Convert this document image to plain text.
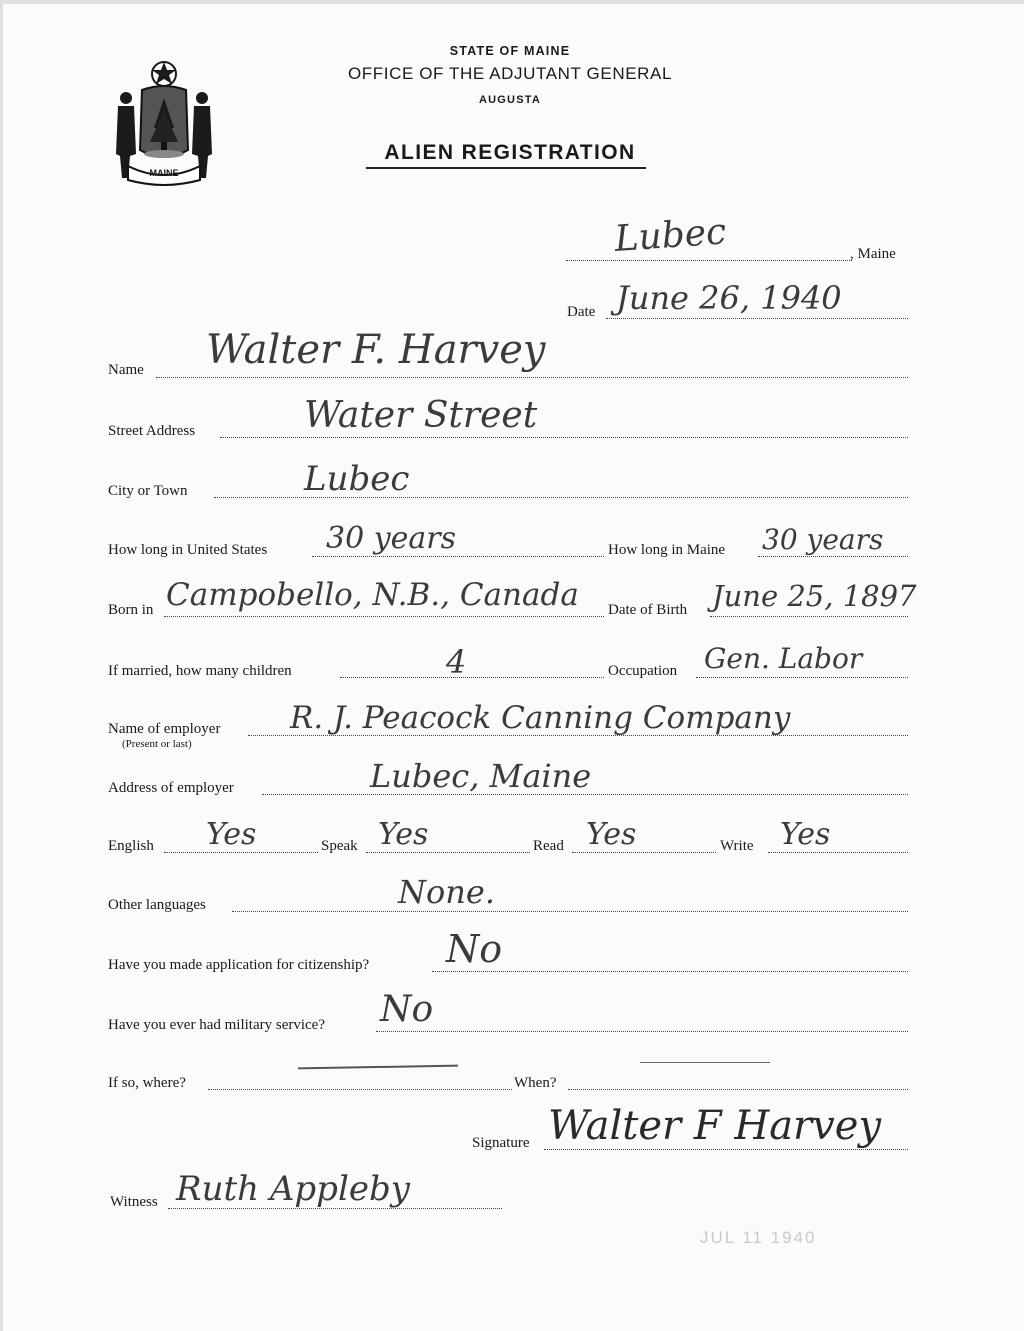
MAINE
STATE OF MAINE
OFFICE OF THE ADJUTANT GENERAL
AUGUSTA
ALIEN REGISTRATION
Lubec	, Maine
Date June 26, 1940
Name Walter F. Harvey
Street Address	Water Street
City or Town	Lubec
How long in United States 30 years	How long in Maine 30 years
Born in Campobello, N.B., Canada Date of Birth June 25, 1897
If married, how many children	4	Occupation Gen. Labor
Name of employer
(Present or last)
R. J. Peacock Canning Company
Address of employer	Lubec, Maine
English Yes	Speak Yes	Read Yes	Write Yes
Other languages	None.
Have you made application for citizenship? No
Have you ever had military service? No
If so, where?	When?
Signature Walter F Harvey
JUL 11 1940
Witness Ruth Appleby
